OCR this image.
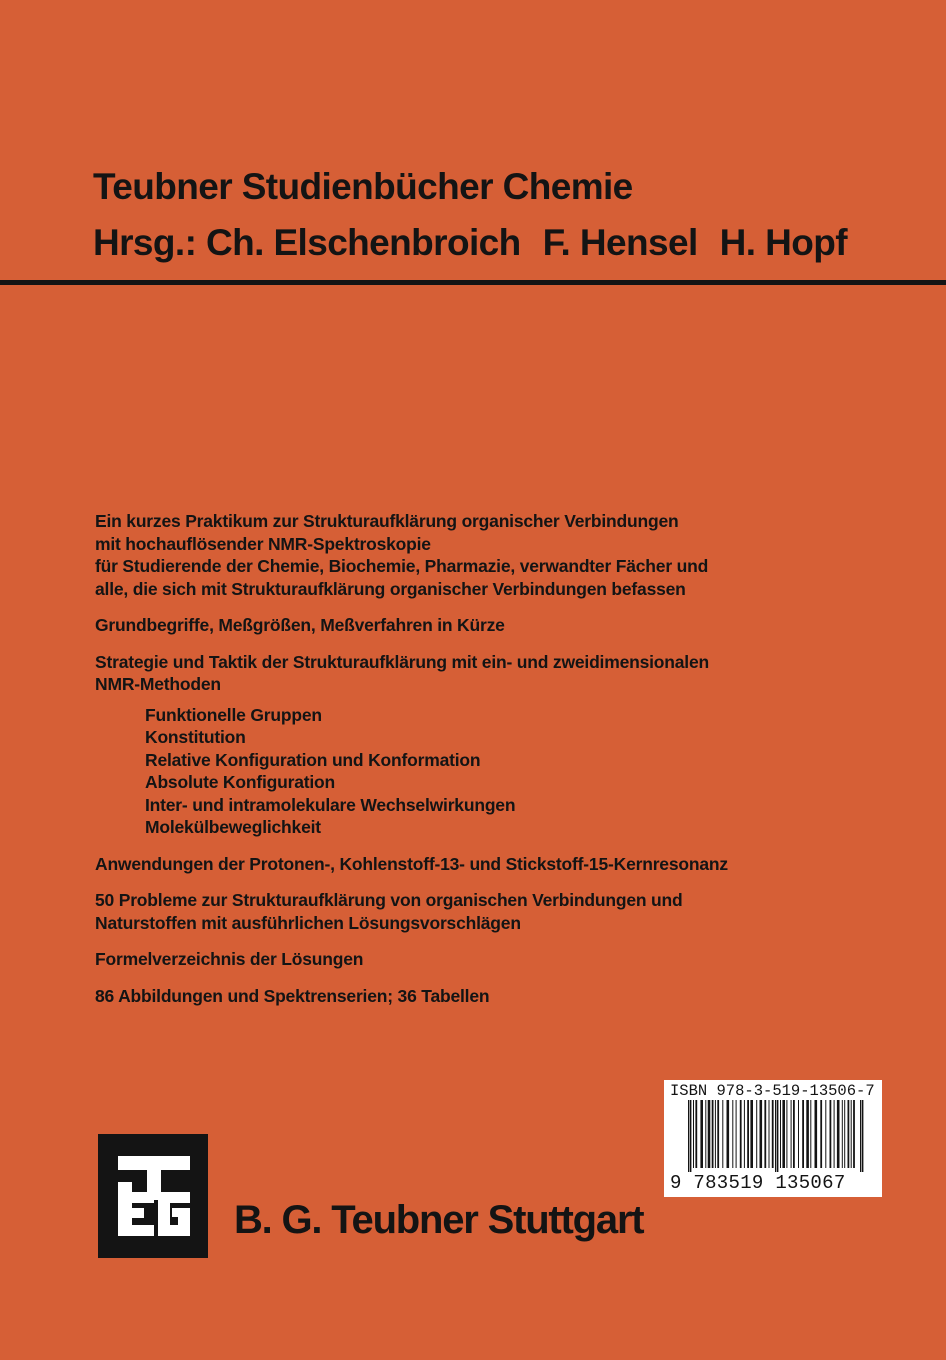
Teubner Studienbücher Chemie
Hrsg.: Ch. Elschenbroich F. Hensel H. Hopf

Ein kurzes Praktikum zur Strukturaufklärung organischer Verbindungen
mit hochauflösender NMR-Spektroskopie
für Studierende der Chemie, Biochemie, Pharmazie, verwandter Fächer und
alle, die sich mit Strukturaufklärung organischer Verbindungen befassen

Grundbegriffe, Meßgrößen, Meßverfahren in Kürze

Strategie und Taktik der Strukturaufklärung mit ein- und zweidimensionalen
NMR-Methoden

Funktionelle Gruppen
Konstitution
Relative Konfiguration und Konformation
Absolute Konfiguration
Inter- und intramolekulare Wechselwirkungen
Molekülbeweglichkeit

Anwendungen der Protonen-, Kohlenstoff-13- und Stickstoff-15-Kernresonanz

50 Probleme zur Strukturaufklärung von organischen Verbindungen und
Naturstoffen mit ausführlichen Lösungsvorschlägen

Formelverzeichnis der Lösungen

86 Abbildungen und Spektrenserien; 36 Tabellen

ISBN 978-3-519-13506-7
9 783519 135067
B. G. Teubner Stuttgart
